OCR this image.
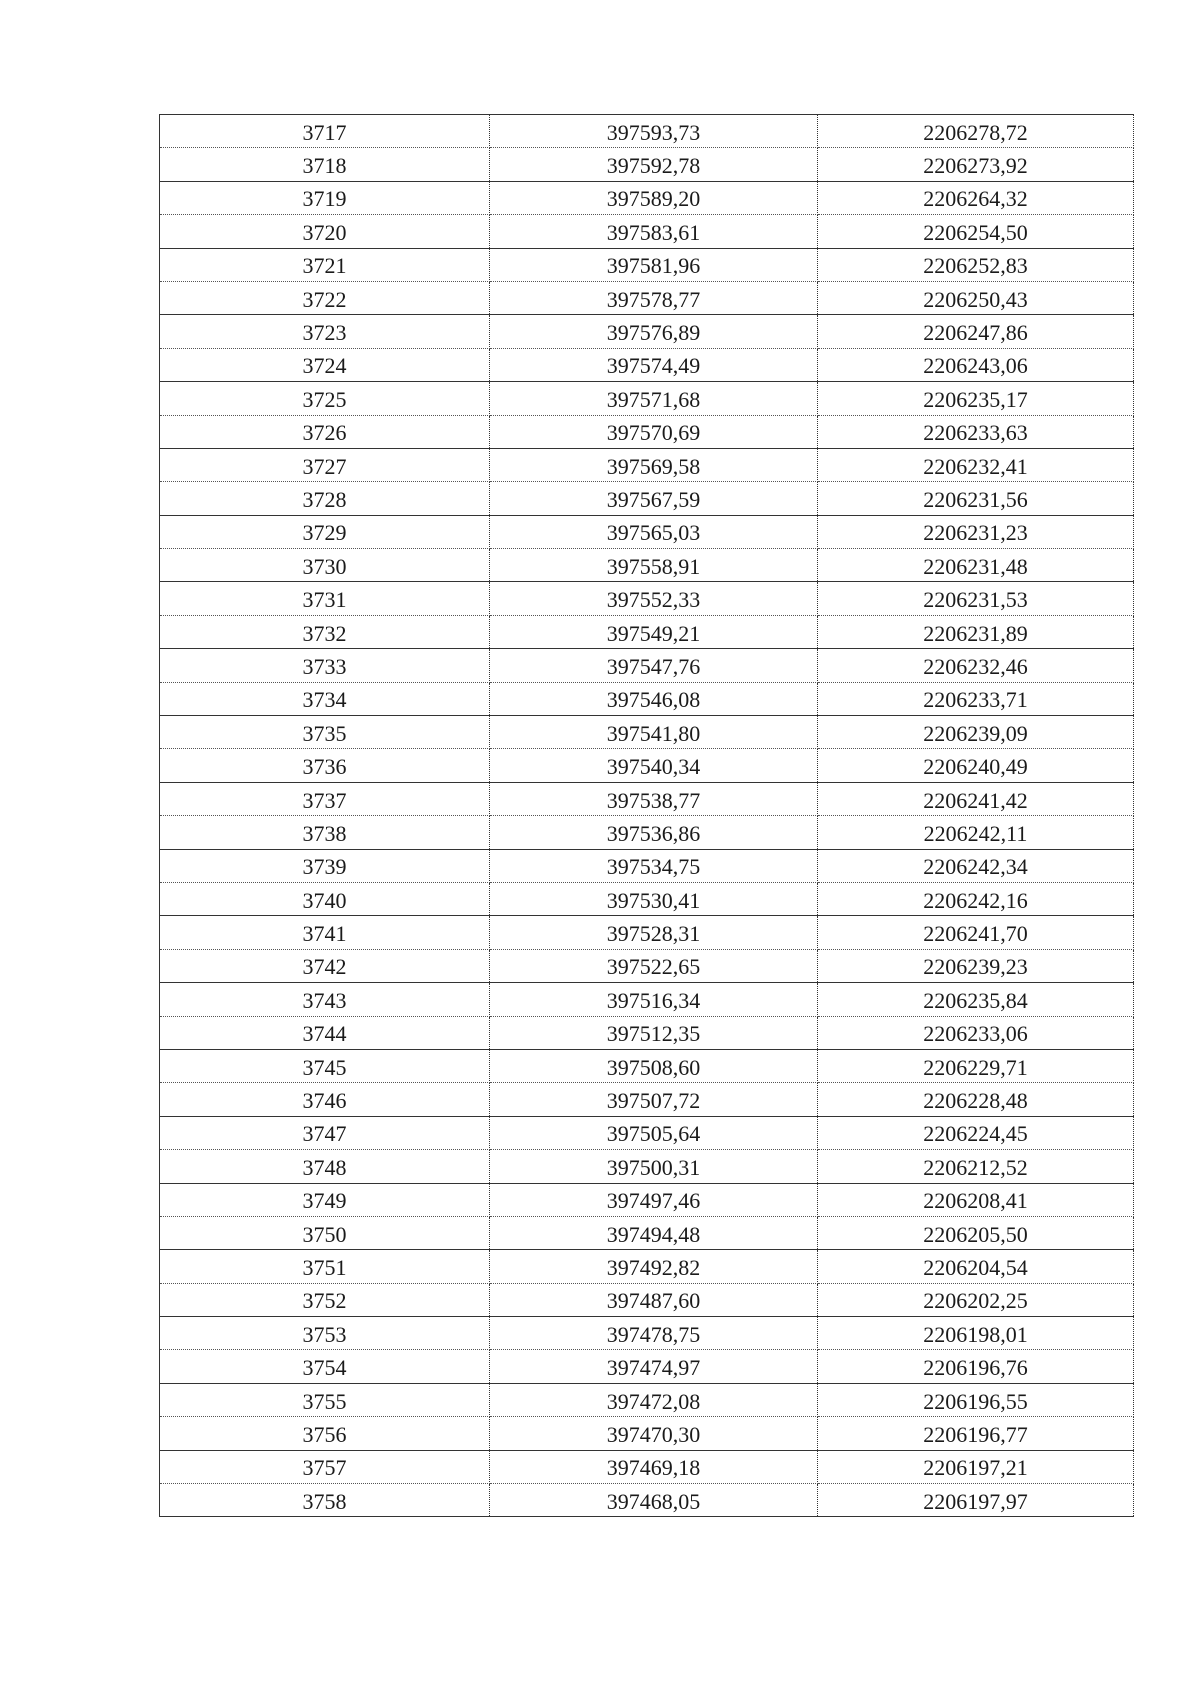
3717	397593,73	2206278,72
3718	397592,78	2206273,92
3719	397589,20	2206264,32
3720	397583,61	2206254,50
3721	397581,96	2206252,83
3722	397578,77	2206250,43
3723	397576,89	2206247,86
3724	397574,49	2206243,06
3725	397571,68	2206235,17
3726	397570,69	2206233,63
3727	397569,58	2206232,41
3728	397567,59	2206231,56
3729	397565,03	2206231,23
3730	397558,91	2206231,48
3731	397552,33	2206231,53
3732	397549,21	2206231,89
3733	397547,76	2206232,46
3734	397546,08	2206233,71
3735	397541,80	2206239,09
3736	397540,34	2206240,49
3737	397538,77	2206241,42
3738	397536,86	2206242,11
3739	397534,75	2206242,34
3740	397530,41	2206242,16
3741	397528,31	2206241,70
3742	397522,65	2206239,23
3743	397516,34	2206235,84
3744	397512,35	2206233,06
3745	397508,60	2206229,71
3746	397507,72	2206228,48
3747	397505,64	2206224,45
3748	397500,31	2206212,52
3749	397497,46	2206208,41
3750	397494,48	2206205,50
3751	397492,82	2206204,54
3752	397487,60	2206202,25
3753	397478,75	2206198,01
3754	397474,97	2206196,76
3755	397472,08	2206196,55
3756	397470,30	2206196,77
3757	397469,18	2206197,21
3758	397468,05	2206197,97
